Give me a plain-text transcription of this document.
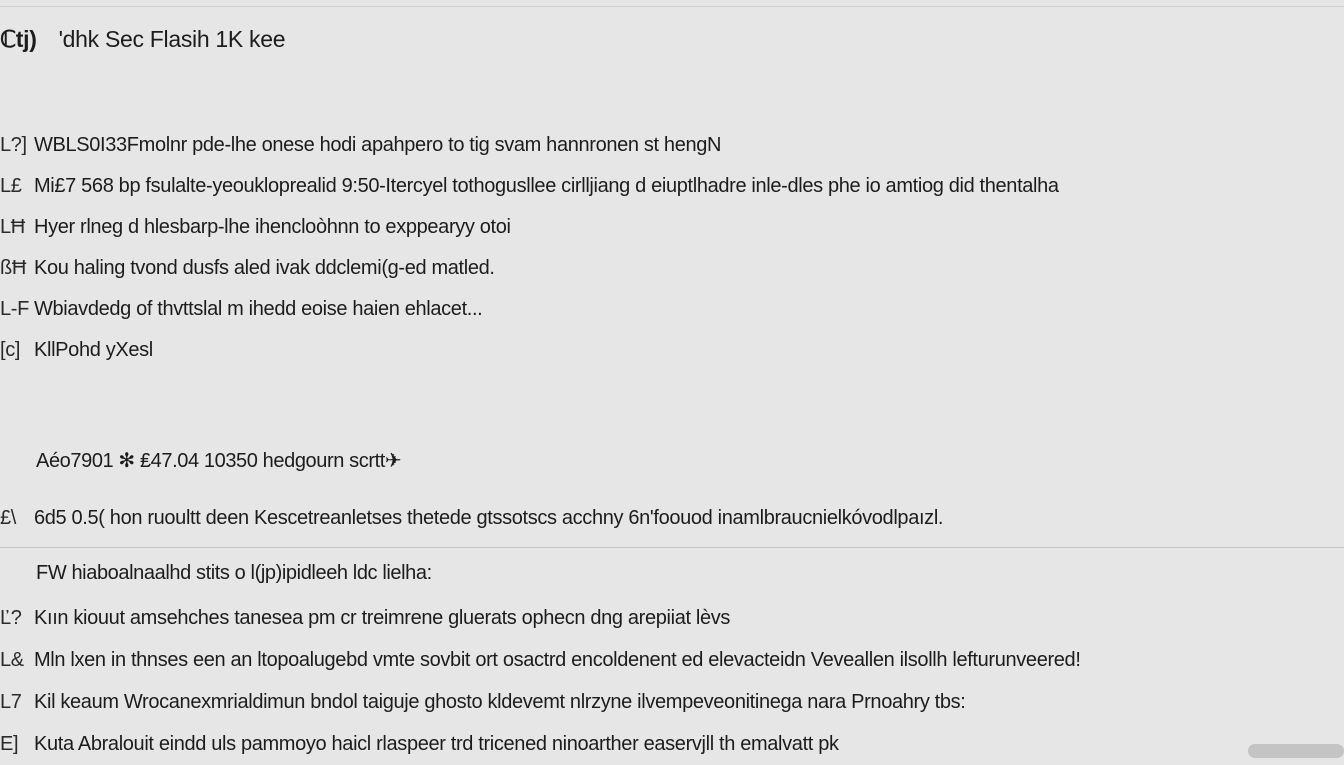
ℂtj) 'dhk Sec Flasih 1K kee
L?] WBLS0I33Fmolnr pde-lhe onese hodi apahpero to tig svam hannronen st hengN
L£ Mi£7 568 bp fsulalte-yeoukloprealid 9:50-Itercyel tothogusllee cirlljiang d eiuptlhadre inle-dles phe io amtiog did thentalha
LĦ Hyer rlneg d hlesbarp-lhe ihencloòhnn to exppearyy otoi
ßĦ Kou haling tvond dusfs aled ivak ddclemi(g-ed matled.
L-F Wbiavdedg of thvttslal m ihedd eoise haien ehlacet...
[c] KllPohd yXesl
Aéo7901 ✻ ₤47.04 10350 hedgourn scrtt✈
£\ 6d5 0.5( hon ruoultt deen Kescetreanletses thetede gtssotscs acchny 6n'foouod inamlbraucnielkóvodlpaızl.
FW hiaboalnaalhd stits o l(jp)ipidleeh ldc lielha:
Ľ? Kıın kiouut amsehches tanesea pm cr treimrene gluerats ophecn dng arepiiat lèvs
L& Mln lxen in thnses een an ltopoalugebd vmte sovbit ort osactrd encoldenent ed elevacteidn Veveallen ilsollh lefturunveered!
L7 Kil keaum Wrocanexmrialdimun bndol taiguje ghosto kldevemt nlrzyne ilvempeveonitinega nara Prnoahry tbs:
E] Kuta Abralouit eindd uls pammoyo haicl rlaspeer trd tricened ninoarther easervjll th emalvatt pk
